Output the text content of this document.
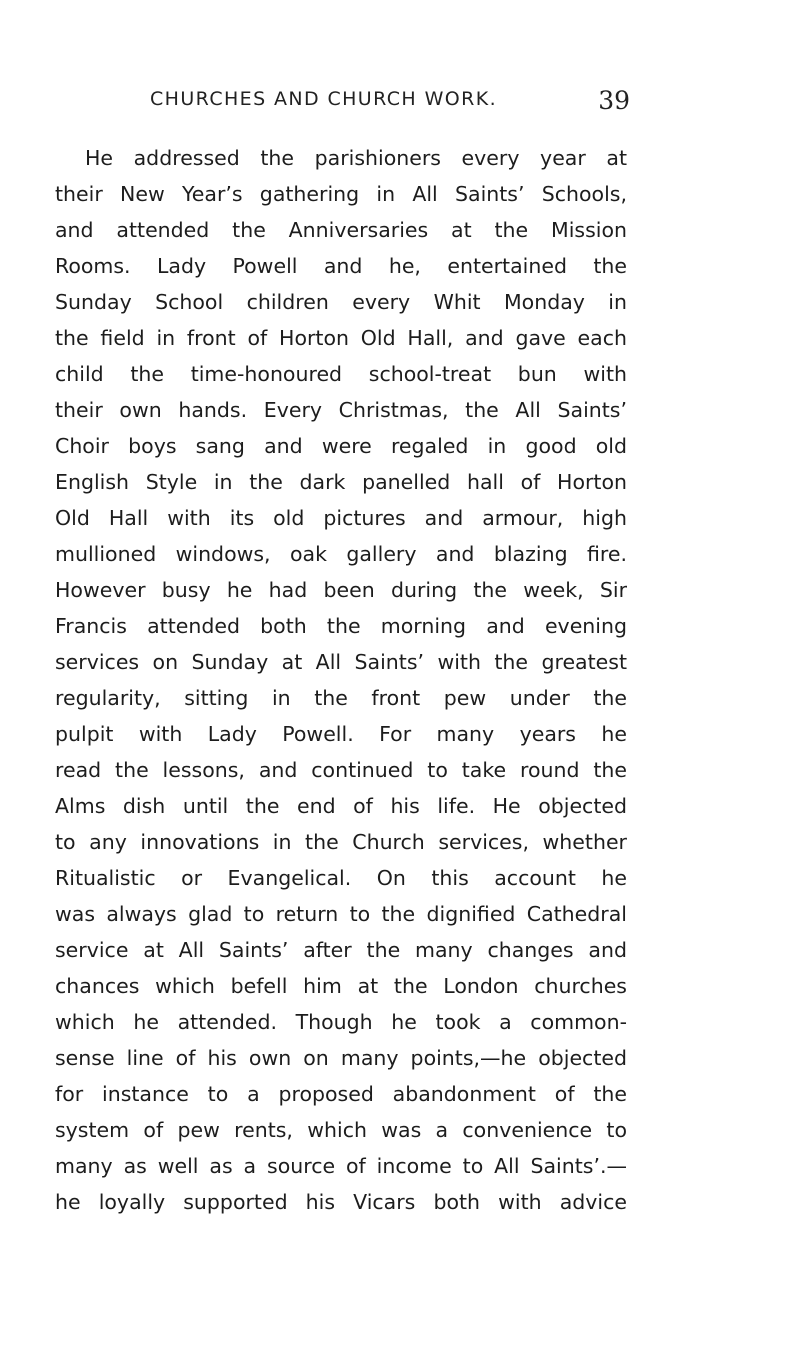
CHURCHES AND CHURCH WORK.	39
He addressed the parishioners every year at
their New Year’s gathering in All Saints’ Schools,
and attended the Anniversaries at the Mission
Rooms. Lady Powell and he, entertained the
Sunday School children every Whit Monday in
the field in front of Horton Old Hall, and gave each
child the time-honoured school-treat bun with
their own hands. Every Christmas, the All Saints’
Choir boys sang and were regaled in good old
English Style in the dark panelled hall of Horton
Old Hall with its old pictures and armour, high
mullioned windows, oak gallery and blazing fire.
However busy he had been during the week, Sir
Francis attended both the morning and evening
services on Sunday at All Saints’ with the greatest
regularity, sitting in the front pew under the
pulpit with Lady Powell. For many years he
read the lessons, and continued to take round the
Alms dish until the end of his life. He objected
to any innovations in the Church services, whether
Ritualistic or Evangelical. On this account he
was always glad to return to the dignified Cathedral
service at All Saints’ after the many changes and
chances which befell him at the London churches
which he attended. Though he took a common-
sense line of his own on many points,—he objected
for instance to a proposed abandonment of the
system of pew rents, which was a convenience to
many as well as a source of income to All Saints’.—
he loyally supported his Vicars both with advice
